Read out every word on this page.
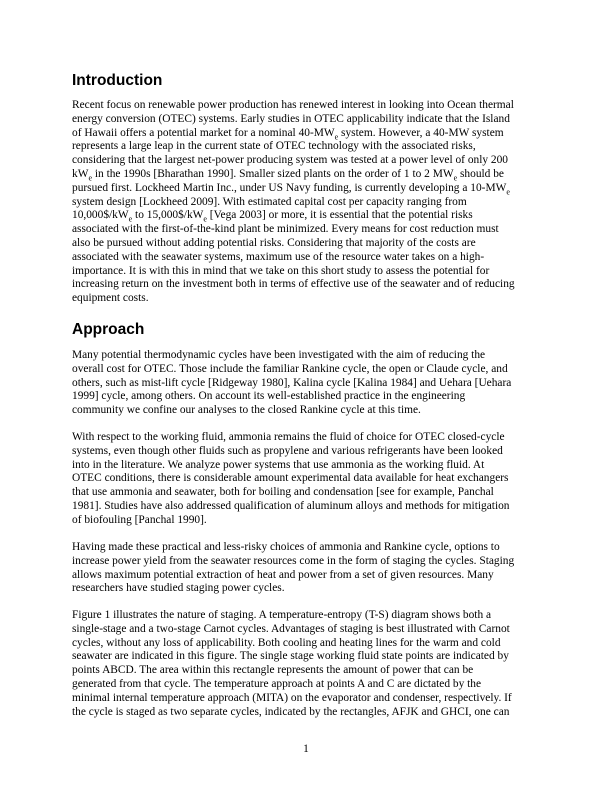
Introduction

Recent focus on renewable power production has renewed interest in looking into Ocean thermal
energy conversion (OTEC) systems. Early studies in OTEC applicability indicate that the Island
of Hawaii offers a potential market for a nominal $40-MW_e$ system. However, a 40-MW system
represents a large leap in the current state of OTEC technology with the associated risks,
considering that the largest net-power producing system was tested at a power level of only 200
$kW_e$ in the 1990s [Bharathan 1990]. Smaller sized plants on the order of 1 to 2 $MW_e$ should be
pursued first. Lockheed Martin Inc., under US Navy funding, is currently developing a $10-MW_e$
system design [Lockheed 2009]. With estimated capital cost per capacity ranging from
$10,000\$/kW_e$ to $15,000\$/kW_e$ [Vega 2003] or more, it is essential that the potential risks
associated with the first-of-the-kind plant be minimized. Every means for cost reduction must
also be pursued without adding potential risks. Considering that majority of the costs are
associated with the seawater systems, maximum use of the resource water takes on a high-
importance. It is with this in mind that we take on this short study to assess the potential for
increasing return on the investment both in terms of effective use of the seawater and of reducing
equipment costs.

Approach

Many potential thermodynamic cycles have been investigated with the aim of reducing the
overall cost for OTEC. Those include the familiar Rankine cycle, the open or Claude cycle, and
others, such as mist-lift cycle [Ridgeway 1980], Kalina cycle [Kalina 1984] and Uehara [Uehara
1999] cycle, among others. On account its well-established practice in the engineering
community we confine our analyses to the closed Rankine cycle at this time.

With respect to the working fluid, ammonia remains the fluid of choice for OTEC closed-cycle
systems, even though other fluids such as propylene and various refrigerants have been looked
into in the literature. We analyze power systems that use ammonia as the working fluid. At
OTEC conditions, there is considerable amount experimental data available for heat exchangers
that use ammonia and seawater, both for boiling and condensation [see for example, Panchal
1981]. Studies have also addressed qualification of aluminum alloys and methods for mitigation
of biofouling [Panchal 1990].

Having made these practical and less-risky choices of ammonia and Rankine cycle, options to
increase power yield from the seawater resources come in the form of staging the cycles. Staging
allows maximum potential extraction of heat and power from a set of given resources. Many
researchers have studied staging power cycles.

Figure 1 illustrates the nature of staging. A temperature-entropy (T-S) diagram shows both a
single-stage and a two-stage Carnot cycles. Advantages of staging is best illustrated with Carnot
cycles, without any loss of applicability. Both cooling and heating lines for the warm and cold
seawater are indicated in this figure. The single stage working fluid state points are indicated by
points ABCD. The area within this rectangle represents the amount of power that can be
generated from that cycle. The temperature approach at points A and C are dictated by the
minimal internal temperature approach (MITA) on the evaporator and condenser, respectively. If
the cycle is staged as two separate cycles, indicated by the rectangles, AFJK and GHCI, one can

1
